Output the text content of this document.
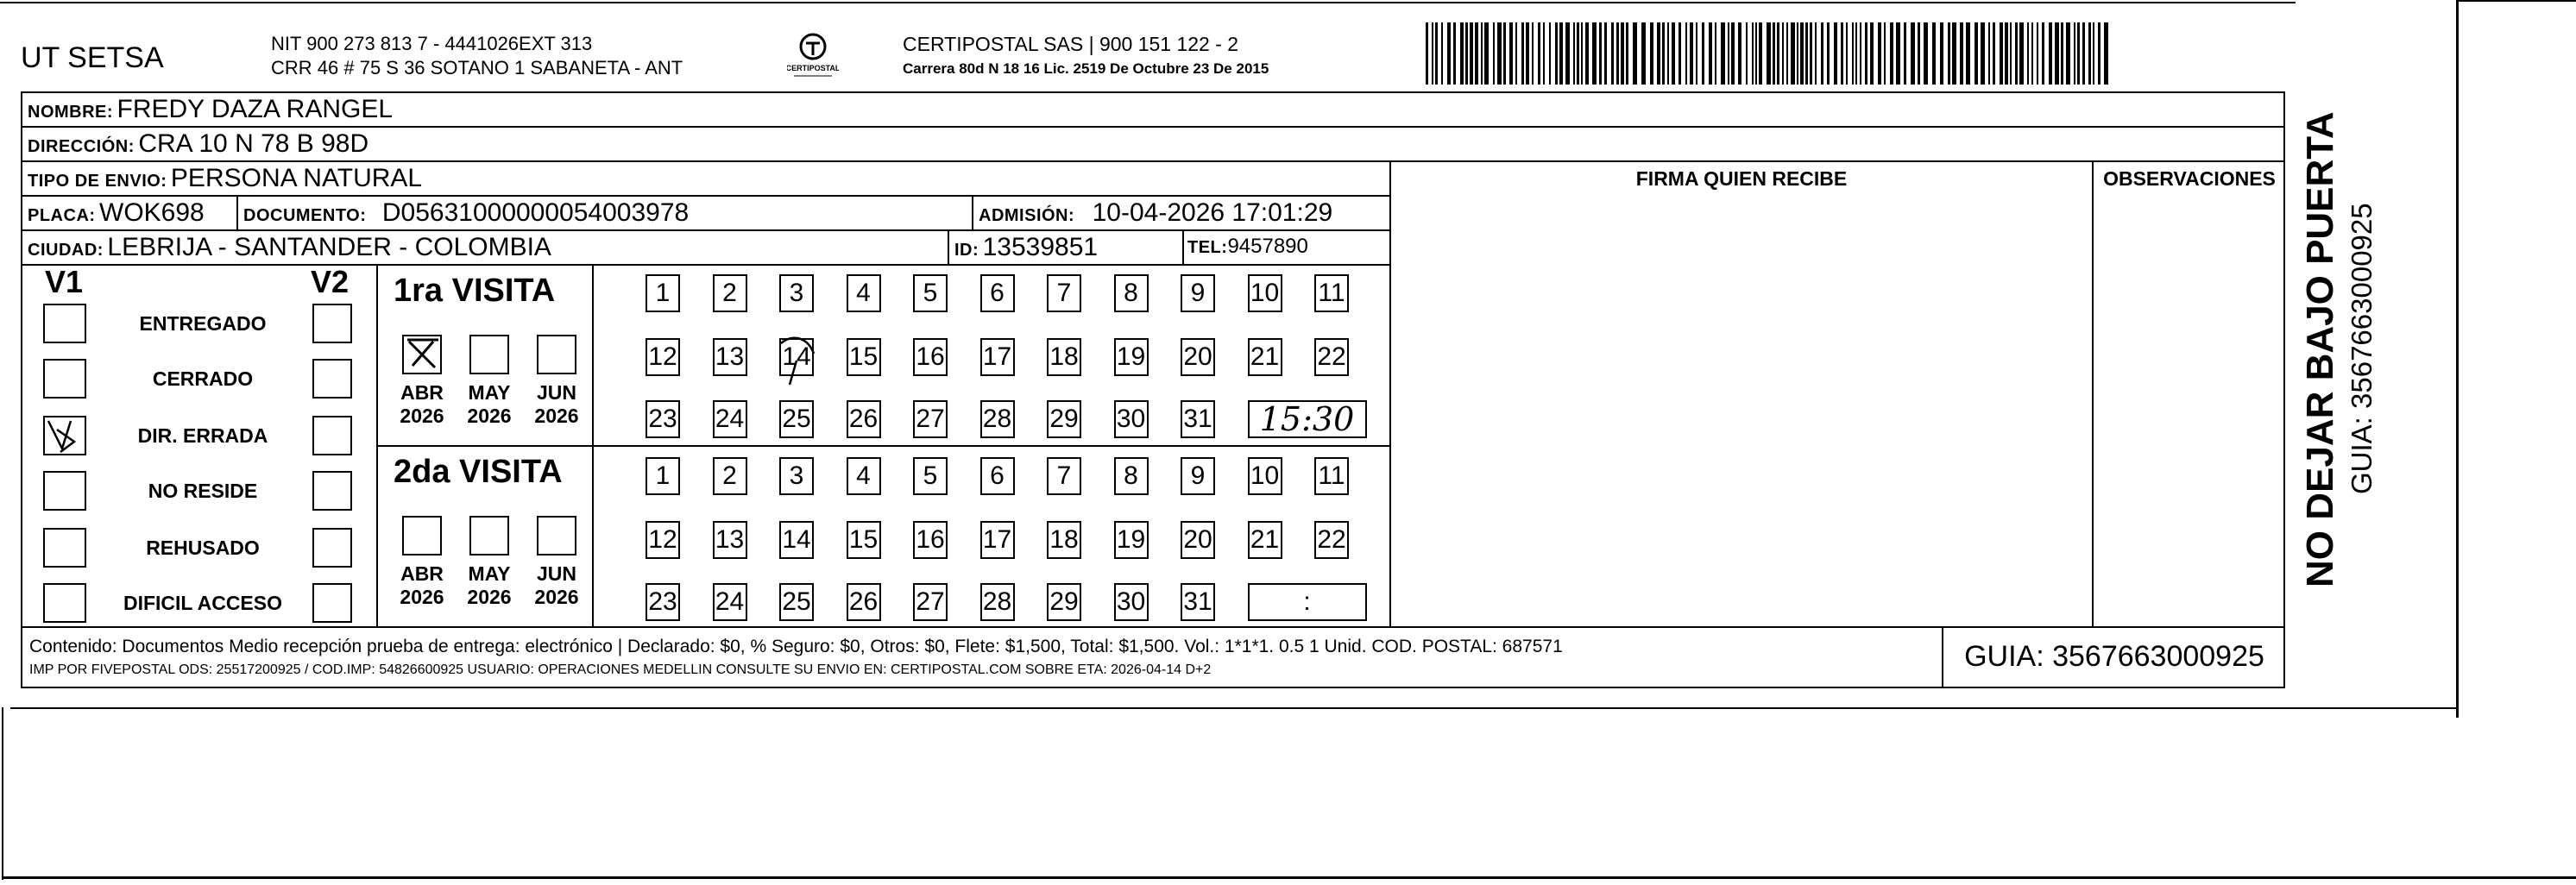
UT SETSA	NIT 900 273 813 7 - 4441026EXT 313
CRR 46 # 75 S 36 SOTANO 1 SABANETA - ANT	CERTIPOSTAL
CERTIPOSTAL SAS | 900 151 122 - 2
Carrera 80d N 18 16 Lic. 2519 De Octubre 23 De 2015
NOMBRE: FREDY DAZA RANGEL
DIRECCIÓN: CRA 10 N 78 B 98D
TIPO DE ENVIO: PERSONA NATURAL	FIRMA QUIEN RECIBE	OBSERVACIONES
PLACA: WOK698 DOCUMENTO: D05631000000054003978	ADMISIÓN: 10-04-2026 17:01:29
CIUDAD: LEBRIJA - SANTANDER - COLOMBIA	ID: 13539851	TEL:9457890
V1	V2
ENTREGADO
CERRADO
DIR. ERRADA
NO RESIDE
REHUSADO
DIFICIL ACCESO
1ra VISITA
ABR
2026
MAY
2026
JUN
2026
1	2	3	4	5	6	7	8	9	10 11
12 13 14 15 16 17 18 19 20 21 22
23 24 25 26 27 28 29 30 31	15:30
2da VISITA
ABR
2026
MAY
2026
JUN
2026
1	2	3	4	5	6	7	8	9	10 11
12 13 14 15 16 17 18 19 20 21 22
23 24 25 26 27 28 29 30 31	:
Contenido: Documentos Medio recepción prueba de entrega: electrónico | Declarado: $0, % Seguro: $0, Otros: $0, Flete: $1,500, Total: $1,500. Vol.: 1*1*1. 0.5 1 Unid. COD. POSTAL: 687571
IMP POR FIVEPOSTAL ODS: 25517200925 / COD.IMP: 54826600925 USUARIO: OPERACIONES MEDELLIN CONSULTE SU ENVIO EN: CERTIPOSTAL.COM SOBRE ETA: 2026-04-14 D+2	GUIA: 3567663000925
NO DEJAR BAJO PUERTA GUIA: 3567663000925
